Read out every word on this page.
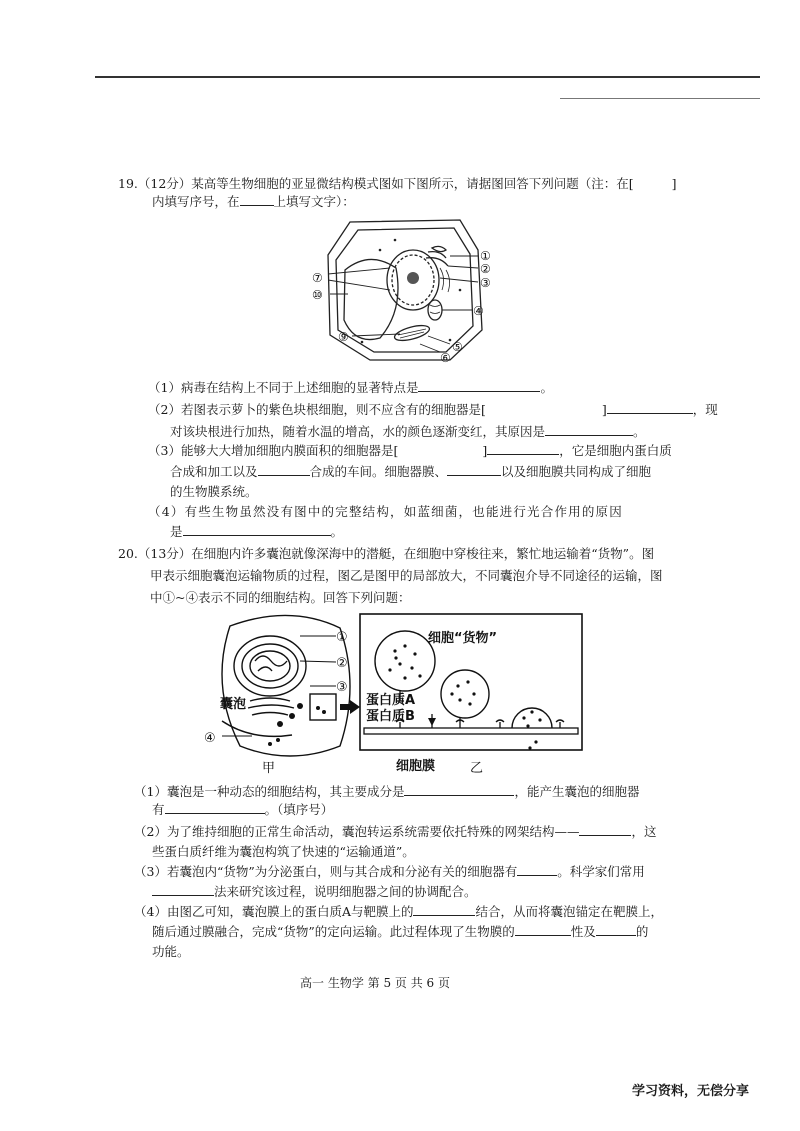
19.（12分）某高等生物细胞的亚显微结构模式图如下图所示，请据图回答下列问题（注：在[	]
内填写序号，在	上填写文字）：
①
②
③
④
⑤
⑥
⑦
⑨
⑩
（1）病毒在结构上不同于上述细胞的显著特点是	。
（2）若图表示萝卜的紫色块根细胞，则不应含有的细胞器是[	]	，现
对该块根进行加热，随着水温的增高，水的颜色逐渐变红，其原因是	。
（3）能够大大增加细胞内膜面积的细胞器是[	]	，它是细胞内蛋白质
合成和加工以及	合成的车间。细胞器膜、	以及细胞膜共同构成了细胞
的生物膜系统。
（4）有些生物虽然没有图中的完整结构，如蓝细菌，也能进行光合作用的原因
是	。
20.（13分）在细胞内许多囊泡就像深海中的潜艇，在细胞中穿梭往来，繁忙地运输着“货物”。图
甲表示细胞囊泡运输物质的过程，图乙是图甲的局部放大，不同囊泡介导不同途径的运输，图
中①~④表示不同的细胞结构。回答下列问题：
①
②
③
④
囊泡
甲
细胞“货物”
蛋白质A
蛋白质B
细胞膜	乙
（1）囊泡是一种动态的细胞结构，其主要成分是	，能产生囊泡的细胞器
有	。（填序号）
（2）为了维持细胞的正常生命活动，囊泡转运系统需要依托特殊的网架结构——	，这
些蛋白质纤维为囊泡构筑了快速的“运输通道”。
（3）若囊泡内“货物”为分泌蛋白，则与其合成和分泌有关的细胞器有	。科学家们常用
法来研究该过程，说明细胞器之间的协调配合。
（4）由图乙可知，囊泡膜上的蛋白质A与靶膜上的	结合，从而将囊泡锚定在靶膜上，
随后通过膜融合，完成“货物”的定向运输。此过程体现了生物膜的	性及	的
功能。
高一 生物学 第 5 页 共 6 页
学习资料，无偿分享
